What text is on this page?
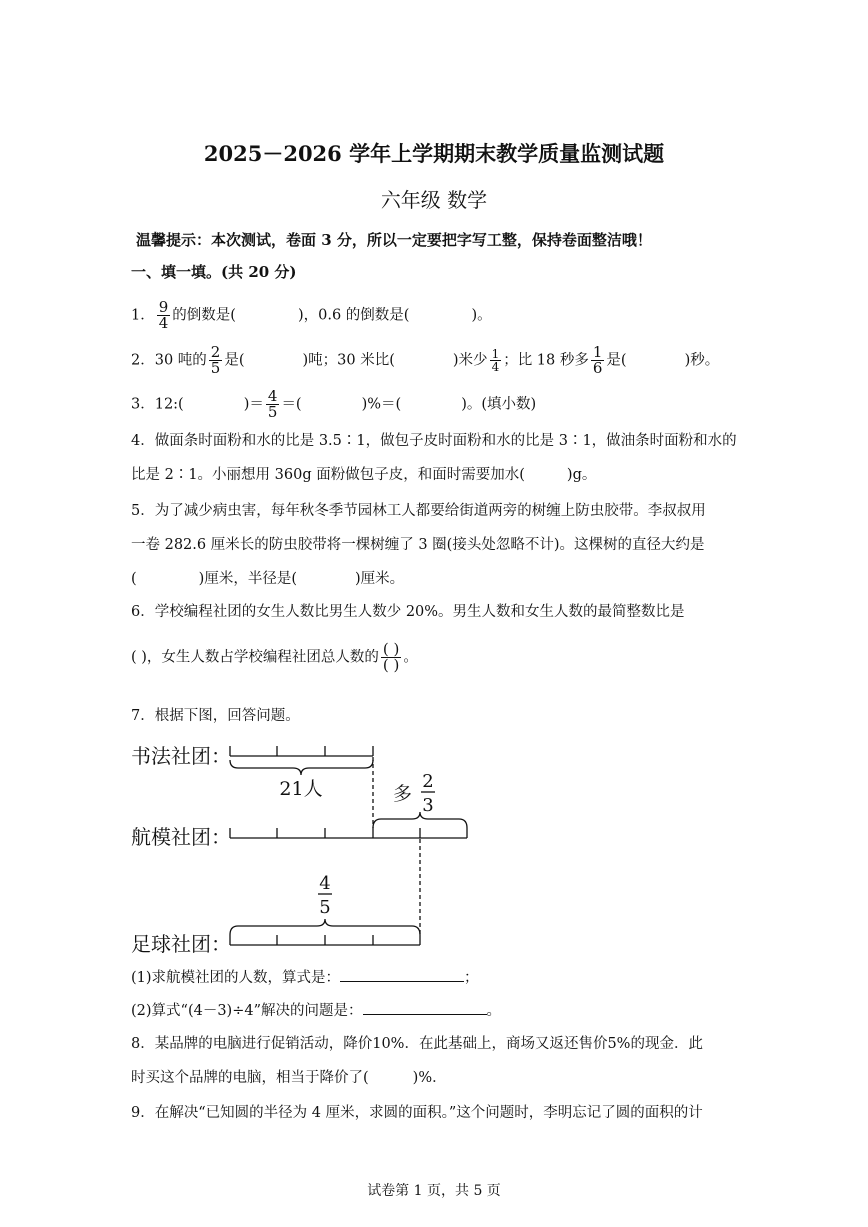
2025－2026 学年上学期期末教学质量监测试题
六年级 数学
温馨提示：本次测试，卷面 3 分，所以一定要把字写工整，保持卷面整洁哦！
一、填一填。(共 20 分)
1． $\frac{9}{4}$ 的倒数是(	)，0.6 的倒数是(	)。
2．30 吨的 $\frac{2}{5}$ 是(	)吨；30 米比(	)米少 $\frac{1}{4}$ ；比 18 秒多 $\frac{1}{6}$ 是(	)秒。
3．12:(	)＝ $\frac{4}{5}$ ＝(	)%＝(	)。(填小数)
4．做面条时面粉和水的比是 3.5∶1，做包子皮时面粉和水的比是 3∶1，做油条时面粉和水的
比是 2∶1。小丽想用 360g 面粉做包子皮，和面时需要加水(	)g。
5．为了减少病虫害，每年秋冬季节园林工人都要给街道两旁的树缠上防虫胶带。李叔叔用
一卷 282.6 厘米长的防虫胶带将一棵树缠了 3 圈(接头处忽略不计)。这棵树的直径大约是
(	)厘米，半径是(	)厘米。
6．学校编程社团的女生人数比男生人数少 20%。男生人数和女生人数的最简整数比是
( )，女生人数占学校编程社团总人数的 $\frac{( )}{( )}$ 。
7．根据下图，回答问题。
书法社团：
航模社团：
足球社团：
21人	多
2
3
4
5
(1)求航模社团的人数，算式是：	；
(2)算式“(4－3)÷4”解决的问题是：	。
8．某品牌的电脑进行促销活动，降价10%．在此基础上，商场又返还售价5%的现金．此
时买这个品牌的电脑，相当于降价了(	)%．
9．在解决“已知圆的半径为 4 厘米，求圆的面积。”这个问题时，李明忘记了圆的面积的计
试卷第 1 页，共 5 页
